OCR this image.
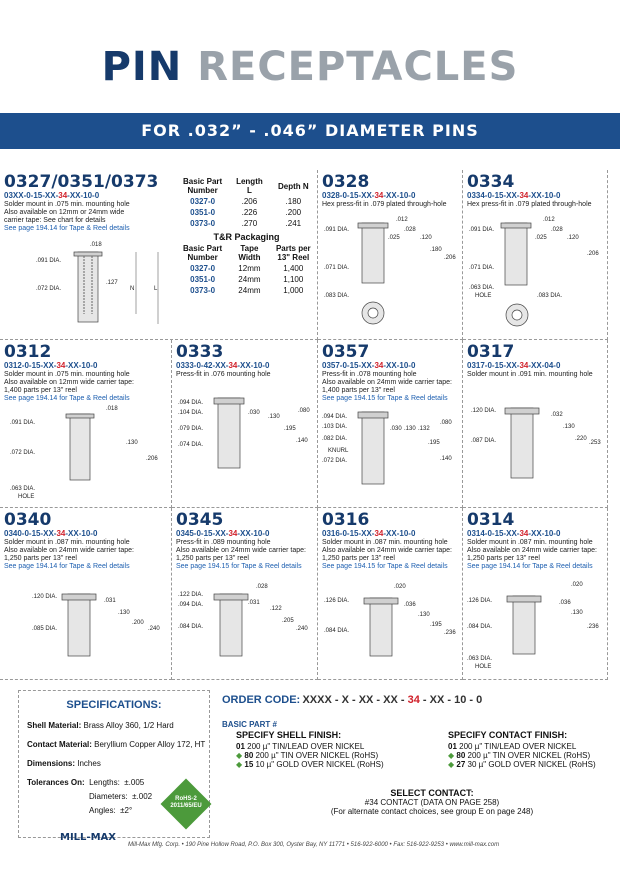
PIN RECEPTACLES
FOR .032” - .046” DIAMETER PINS
0327/0351/0373
03XX-0-15-XX-34-XX-10-0
Solder mount in .075 min. mounting hole
Also available on 12mm or 24mm wide
carrier tape: See chart for details
See page 194.14 for Tape & Reel details
.018
.091 DIA.
.127
.072 DIA.	N	L
Basic Part Number	Length L	Depth N
0327-0	.206	.180
0351-0	.226	.200
0373-0	.270	.241
T&R Packaging		
Basic Part Number	Tape Width	Parts per 13" Reel
0327-0	12mm	1,400
0351-0	24mm	1,100
0373-0	24mm	1,000
0328
0328-0-15-XX-34-XX-10-0
Hex press-fit in .079 plated through-hole
.012
.028
.025	.120
.180
.206
.091 DIA.
.071 DIA.
.083 DIA.
0334
0334-0-15-XX-34-XX-10-0
Hex press-fit in .079 plated through-hole
.012
.028
.025	.120
.206
.091 DIA.
.071 DIA.
.063 DIA.
HOLE	.083 DIA.
0312
0312-0-15-XX-34-XX-10-0
Solder mount in .075 min. mounting hole
Also available on 12mm wide carrier tape:
1,400 parts per 13" reel
See page 194.14 for Tape & Reel details
.018
.091 DIA.
.130
.206
.072 DIA.
.063 DIA.
HOLE
0333
0333-0-42-XX-34-XX-10-0
Press-fit in .076 mounting hole
.094 DIA.
.104 DIA.	.030
.130
.080
.195
.079 DIA.
.140
.074 DIA.
0357
0357-0-15-XX-34-XX-10-0
Press-fit in .078 mounting hole
Also available on 24mm wide carrier tape:
1,400 parts per 13" reel
See page 194.15 for Tape & Reel details
.094 DIA.
.103 DIA.	.030 .130 .132
.080
.082 DIA.
.195
KNURL
.140
.072 DIA.
0317
0317-0-15-XX-34-XX-04-0
Solder mount in .091 min. mounting hole
.120 DIA.
.032
.130
.220
.253
.087 DIA.
0340
0340-0-15-XX-34-XX-10-0
Solder mount in .087 min. mounting hole
Also available on 24mm wide carrier tape:
1,250 parts per 13" reel
See page 194.14 for Tape & Reel details
.120 DIA.
.031
.130
.200
.240
.085 DIA.
0345
0345-0-15-XX-34-XX-10-0
Press-fit in .089 mounting hole
Also available on 24mm wide carrier tape:
1,250 parts per 13" reel
See page 194.15 for Tape & Reel details
.028
.122 DIA.
.031
.094 DIA.
.122
.205
.240
.084 DIA.
0316
0316-0-15-XX-34-XX-10-0
Solder mount in .087 min. mounting hole
Also available on 24mm wide carrier tape:
1,250 parts per 13" reel
See page 194.15 for Tape & Reel details
.020
.126 DIA.
.036
.130
.195
.236
.084 DIA.
0314
0314-0-15-XX-34-XX-10-0
Solder mount in .087 min. mounting hole
Also available on 24mm wide carrier tape:
1,250 parts per 13" reel
See page 194.14 for Tape & Reel details
.020
.126 DIA.	.036
.130
.236
.084 DIA.
.063 DIA.
HOLE
SPECIFICATIONS:
Shell Material: Brass Alloy 360, 1/2 Hard
Contact Material: Beryllium Copper Alloy 172, HT
Dimensions: Inches
Tolerances On: Lengths: ±.005
Diameters: ±.002
Angles: ±2°
RoHS-2 2011/65/EU
ORDER CODE: XXXX - X - XX - XX - 34 - XX - 10 - 0
BASIC PART #
SPECIFY SHELL FINISH:
01 200 µ" TIN/LEAD OVER NICKEL
◆ 80 200 µ" TIN OVER NICKEL (RoHS)
◆ 15 10 µ" GOLD OVER NICKEL (RoHS)
SPECIFY CONTACT FINISH:
01 200 µ" TIN/LEAD OVER NICKEL
◆ 80 200 µ" TIN OVER NICKEL (RoHS)
◆ 27 30 µ" GOLD OVER NICKEL (RoHS)
SELECT CONTACT:
#34 CONTACT (DATA ON PAGE 258)
(For alternate contact choices, see group E on page 248)
MILL-MAX
Mill-Max Mfg. Corp. • 190 Pine Hollow Road, P.O. Box 300, Oyster Bay, NY 11771 • 516-922-6000 • Fax: 516-922-9253 • www.mill-max.com
